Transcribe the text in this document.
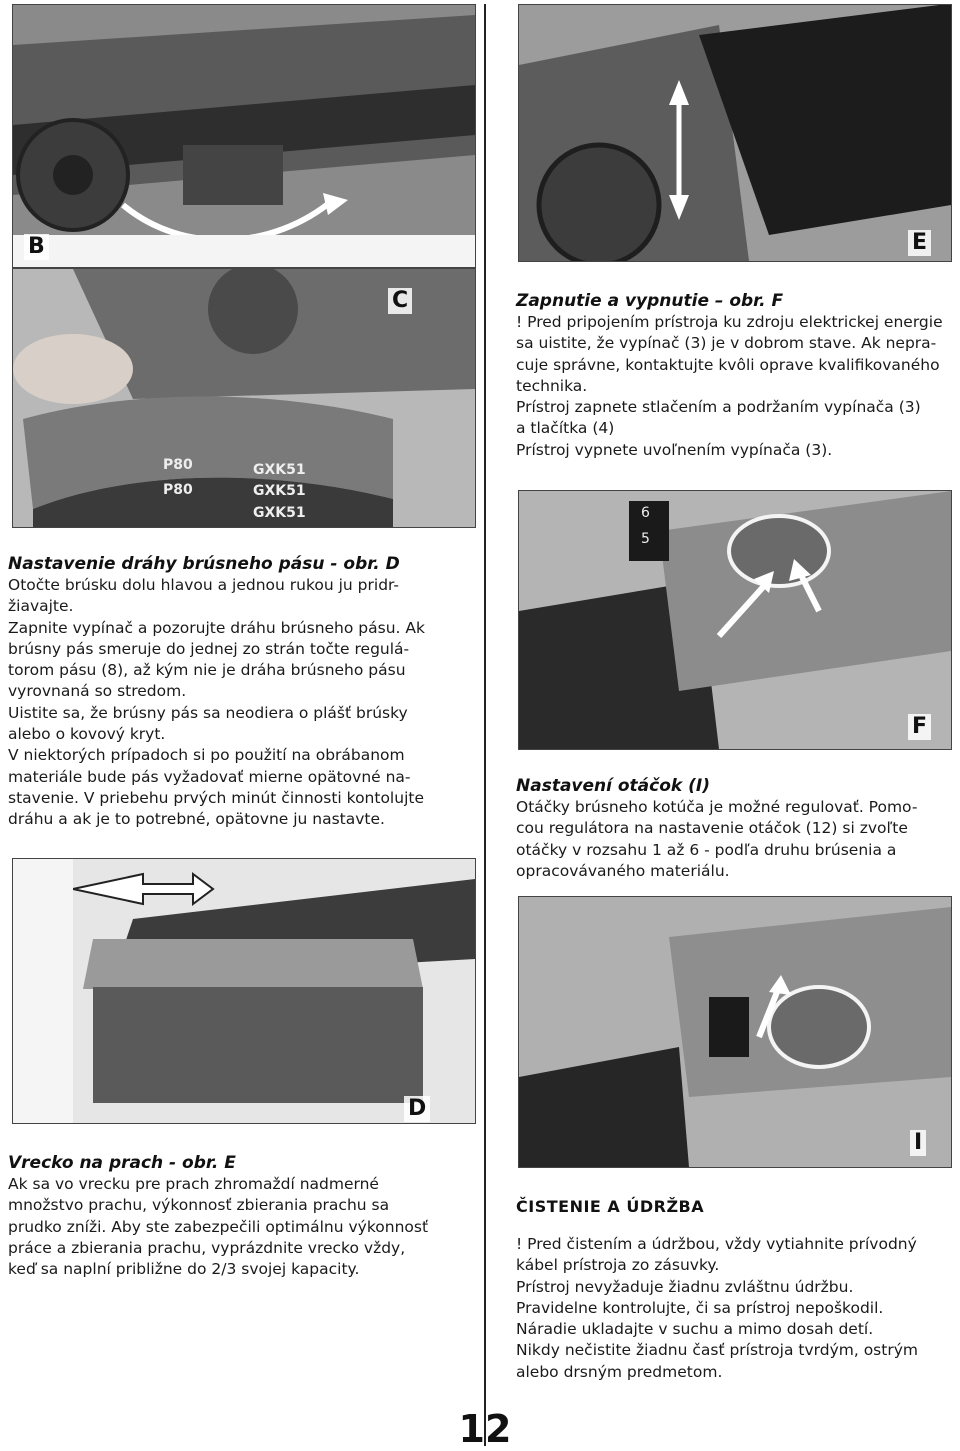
B
P80	GXK51
P80	GXK51
GXK51
C
E
6
5
F
D
I

Nastavenie dráhy brúsneho pásu - obr. D

Otočte brúsku dolu hlavou a jednou rukou ju pridr-

žiavajte.

Zapnite vypínač a pozorujte dráhu brúsneho pásu. Ak

brúsny pás smeruje do jednej zo strán točte regulá-

torom pásu (8), až kým nie je dráha brúsneho pásu

vyrovnaná so stredom.

Uistite sa, že brúsny pás sa neodiera o plášť brúsky

alebo o kovový kryt.

V niektorých prípadoch si po použití na obrábanom

materiále bude pás vyžadovať mierne opätovné na-

stavenie. V priebehu prvých minút činnosti kontolujte

dráhu a ak je to potrebné, opätovne ju nastavte.

Vrecko na prach - obr. E

Ak sa vo vrecku pre prach zhromaždí nadmerné

množstvo prachu, výkonnosť zbierania prachu sa

prudko zníži. Aby ste zabezpečili optimálnu výkonnosť

práce a zbierania prachu, vyprázdnite vrecko vždy,

keď sa naplní približne do 2/3 svojej kapacity.

Zapnutie a vypnutie – obr. F

! Pred pripojením prístroja ku zdroju elektrickej energie

sa uistite, že vypínač (3) je v dobrom stave. Ak nepra-

cuje správne, kontaktujte kvôli oprave kvalifikovaného

technika.

Prístroj zapnete stlačením a podržaním vypínača (3)

a tlačítka (4)

Prístroj vypnete uvoľnením vypínača (3).

Nastavení otáčok (I)

Otáčky brúsneho kotúča je možné regulovať. Pomo-

cou regulátora na nastavenie otáčok (12) si zvoľte

otáčky v rozsahu 1 až 6 - podľa druhu brúsenia a

opracovávaného materiálu.

ČISTENIE A ÚDRŽBA

! Pred čistením a údržbou, vždy vytiahnite prívodný

kábel prístroja zo zásuvky.

Prístroj nevyžaduje žiadnu zvláštnu údržbu.

Pravidelne kontrolujte, či sa prístroj nepoškodil.

Náradie ukladajte v suchu a mimo dosah detí.

Nikdy nečistite žiadnu časť prístroja tvrdým, ostrým

alebo drsným predmetom.

12
